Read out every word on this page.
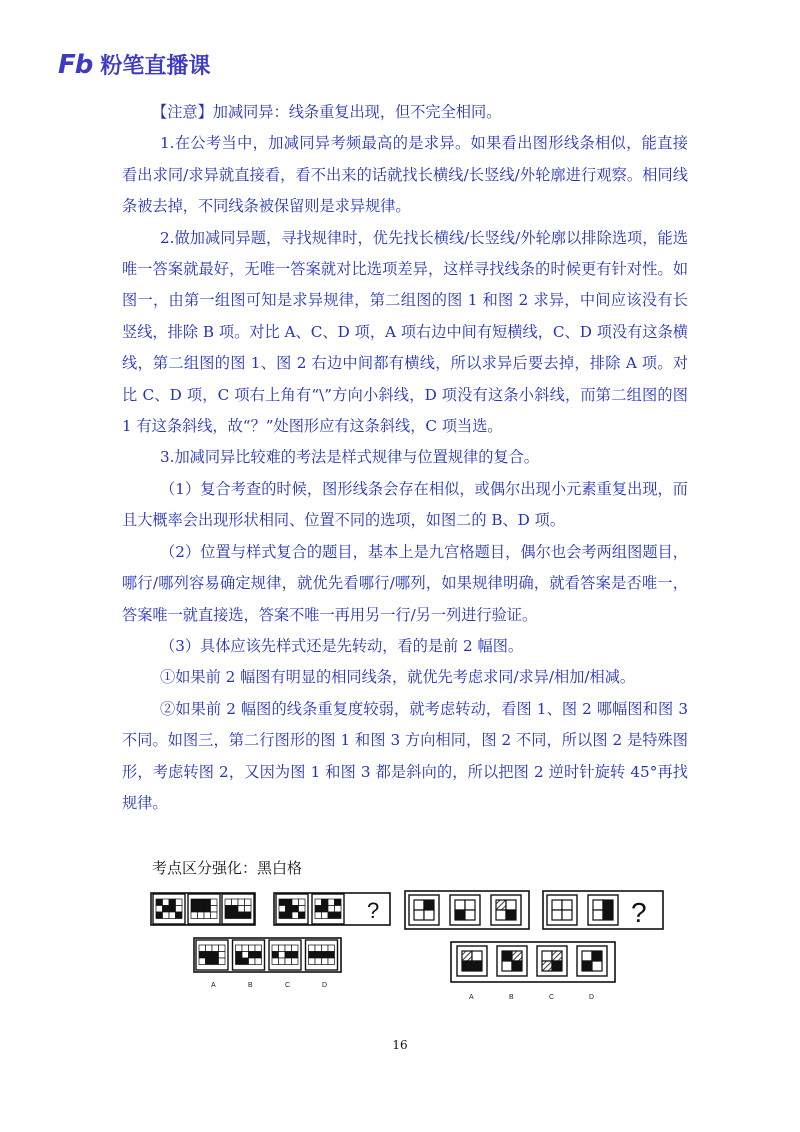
Fb 粉笔直播课

【注意】加减同异：线条重复出现，但不完全相同。

1.在公考当中，加减同异考频最高的是求异。如果看出图形线条相似，能直接看出求同/求异就直接看，看不出来的话就找长横线/长竖线/外轮廓进行观察。相同线条被去掉，不同线条被保留则是求异规律。

2.做加减同异题，寻找规律时，优先找长横线/长竖线/外轮廓以排除选项，能选唯一答案就最好，无唯一答案就对比选项差异，这样寻找线条的时候更有针对性。如图一，由第一组图可知是求异规律，第二组图的图 1 和图 2 求异，中间应该没有长竖线，排除 B 项。对比 A、C、D 项，A 项右边中间有短横线，C、D 项没有这条横线，第二组图的图 1、图 2 右边中间都有横线，所以求异后要去掉，排除 A 项。对比 C、D 项，C 项右上角有“\”方向小斜线，D 项没有这条小斜线，而第二组图的图 1 有这条斜线，故“？”处图形应有这条斜线，C 项当选。

3.加减同异比较难的考法是样式规律与位置规律的复合。

（1）复合考查的时候，图形线条会存在相似，或偶尔出现小元素重复出现，而且大概率会出现形状相同、位置不同的选项，如图二的 B、D 项。

（2）位置与样式复合的题目，基本上是九宫格题目，偶尔也会考两组图题目，哪行/哪列容易确定规律，就优先看哪行/哪列，如果规律明确，就看答案是否唯一，答案唯一就直接选，答案不唯一再用另一行/另一列进行验证。

（3）具体应该先样式还是先转动，看的是前 2 幅图。

①如果前 2 幅图有明显的相同线条，就优先考虑求同/求异/相加/相减。

②如果前 2 幅图的线条重复度较弱，就考虑转动，看图 1、图 2 哪幅图和图 3 不同。如图三，第二行图形的图 1 和图 3 方向相同，图 2 不同，所以图 2 是特殊图形，考虑转图 2，又因为图 1 和图 3 都是斜向的，所以把图 2 逆时针旋转 45°再找规律。

考点区分强化：黑白格
?
A	B	C	D
?
A	B	C	D
16
